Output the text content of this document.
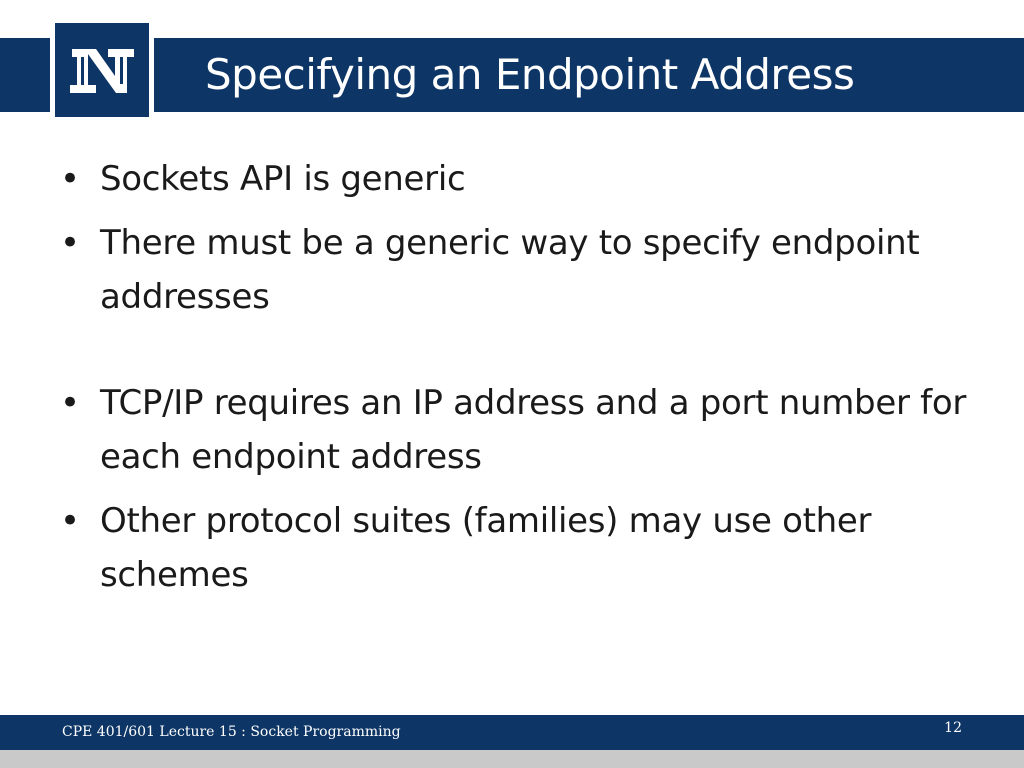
Specifying an Endpoint Address
• Sockets API is generic
• There must be a generic way to specify endpoint addresses
• TCP/IP requires an IP address and a port number for each endpoint address
• Other protocol suites (families) may use other schemes
CPE 401/601 Lecture 15 : Socket Programming	12
